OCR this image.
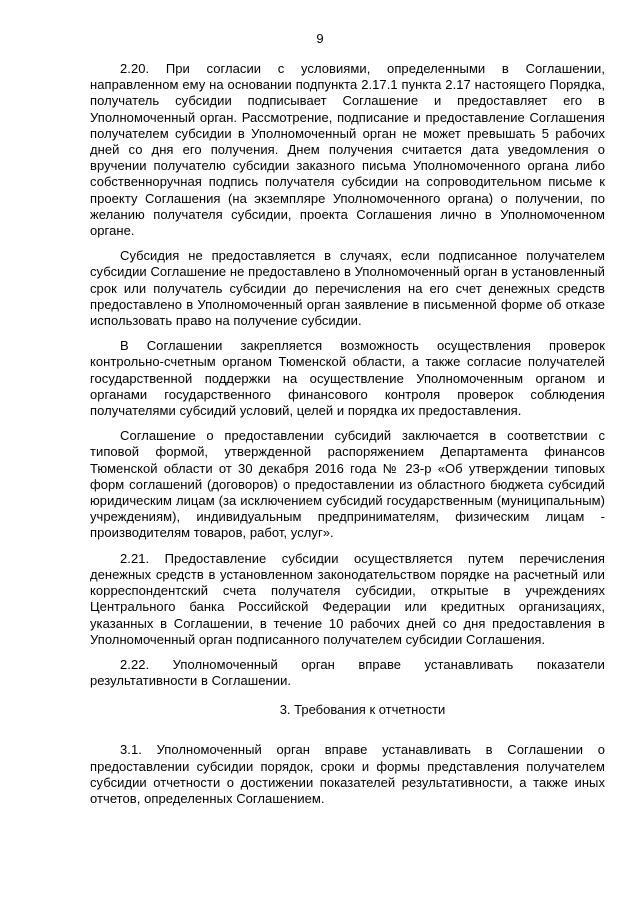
9

2.20. При согласии с условиями, определенными в Соглашении, направленном ему на основании подпункта 2.17.1 пункта 2.17 настоящего Порядка, получатель субсидии подписывает Соглашение и предоставляет его в Уполномоченный орган. Рассмотрение, подписание и предоставление Соглашения получателем субсидии в Уполномоченный орган не может превышать 5 рабочих дней со дня его получения. Днем получения считается дата уведомления о вручении получателю субсидии заказного письма Уполномоченного органа либо собственноручная подпись получателя субсидии на сопроводительном письме к проекту Соглашения (на экземпляре Уполномоченного органа) о получении, по желанию получателя субсидии, проекта Соглашения лично в Уполномоченном органе.

Субсидия не предоставляется в случаях, если подписанное получателем субсидии Соглашение не предоставлено в Уполномоченный орган в установленный срок или получатель субсидии до перечисления на его счет денежных средств предоставлено в Уполномоченный орган заявление в письменной форме об отказе использовать право на получение субсидии.

В Соглашении закрепляется возможность осуществления проверок контрольно-счетным органом Тюменской области, а также согласие получателей государственной поддержки на осуществление Уполномоченным органом и органами государственного финансового контроля проверок соблюдения получателями субсидий условий, целей и порядка их предоставления.

Соглашение о предоставлении субсидий заключается в соответствии с типовой формой, утвержденной распоряжением Департамента финансов Тюменской области от 30 декабря 2016 года № 23-р «Об утверждении типовых форм соглашений (договоров) о предоставлении из областного бюджета субсидий юридическим лицам (за исключением субсидий государственным (муниципальным) учреждениям), индивидуальным предпринимателям, физическим лицам - производителям товаров, работ, услуг».

2.21. Предоставление субсидии осуществляется путем перечисления денежных средств в установленном законодательством порядке на расчетный или корреспондентский счета получателя субсидии, открытые в учреждениях Центрального банка Российской Федерации или кредитных организациях, указанных в Соглашении, в течение 10 рабочих дней со дня предоставления в Уполномоченный орган подписанного получателем субсидии Соглашения.

2.22. Уполномоченный орган вправе устанавливать показатели результативности в Соглашении.

3. Требования к отчетности

3.1. Уполномоченный орган вправе устанавливать в Соглашении о предоставлении субсидии порядок, сроки и формы представления получателем субсидии отчетности о достижении показателей результативности, а также иных отчетов, определенных Соглашением.
